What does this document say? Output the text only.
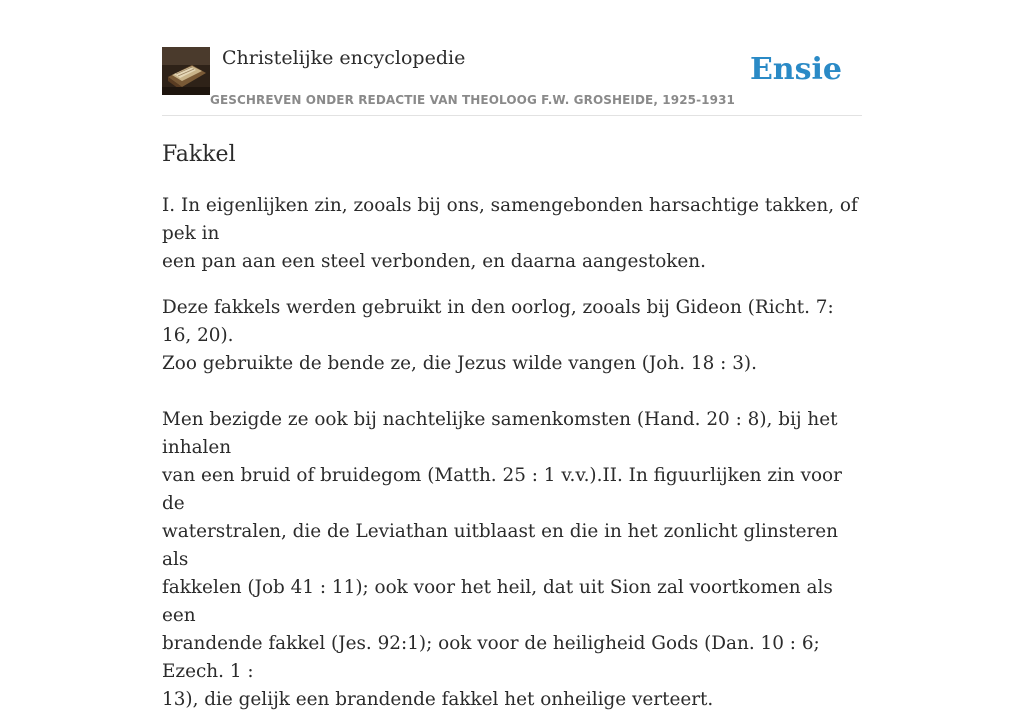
Christelijke encyclopedie
GESCHREVEN ONDER REDACTIE VAN THEOLOOG F.W. GROSHEIDE, 1925-1931
Ensie
Fakkel

I. In eigenlijken zin, zooals bij ons, samengebonden harsachtige takken, of pek in
een pan aan een steel verbonden, en daarna aangestoken.

Deze fakkels werden gebruikt in den oorlog, zooals bij Gideon (Richt. 7: 16, 20).
Zoo gebruikte de bende ze, die Jezus wilde vangen (Joh. 18 : 3).

Men bezigde ze ook bij nachtelijke samenkomsten (Hand. 20 : 8), bij het inhalen
van een bruid of bruidegom (Matth. 25 : 1 v.v.).II. In figuurlijken zin voor de
waterstralen, die de Leviathan uitblaast en die in het zonlicht glinsteren als
fakkelen (Job 41 : 11); ook voor het heil, dat uit Sion zal voortkomen als een
brandende fakkel (Jes. 92:1); ook voor de heiligheid Gods (Dan. 10 : 6; Ezech. 1 :
13), die gelijk een brandende fakkel het onheilige verteert.
